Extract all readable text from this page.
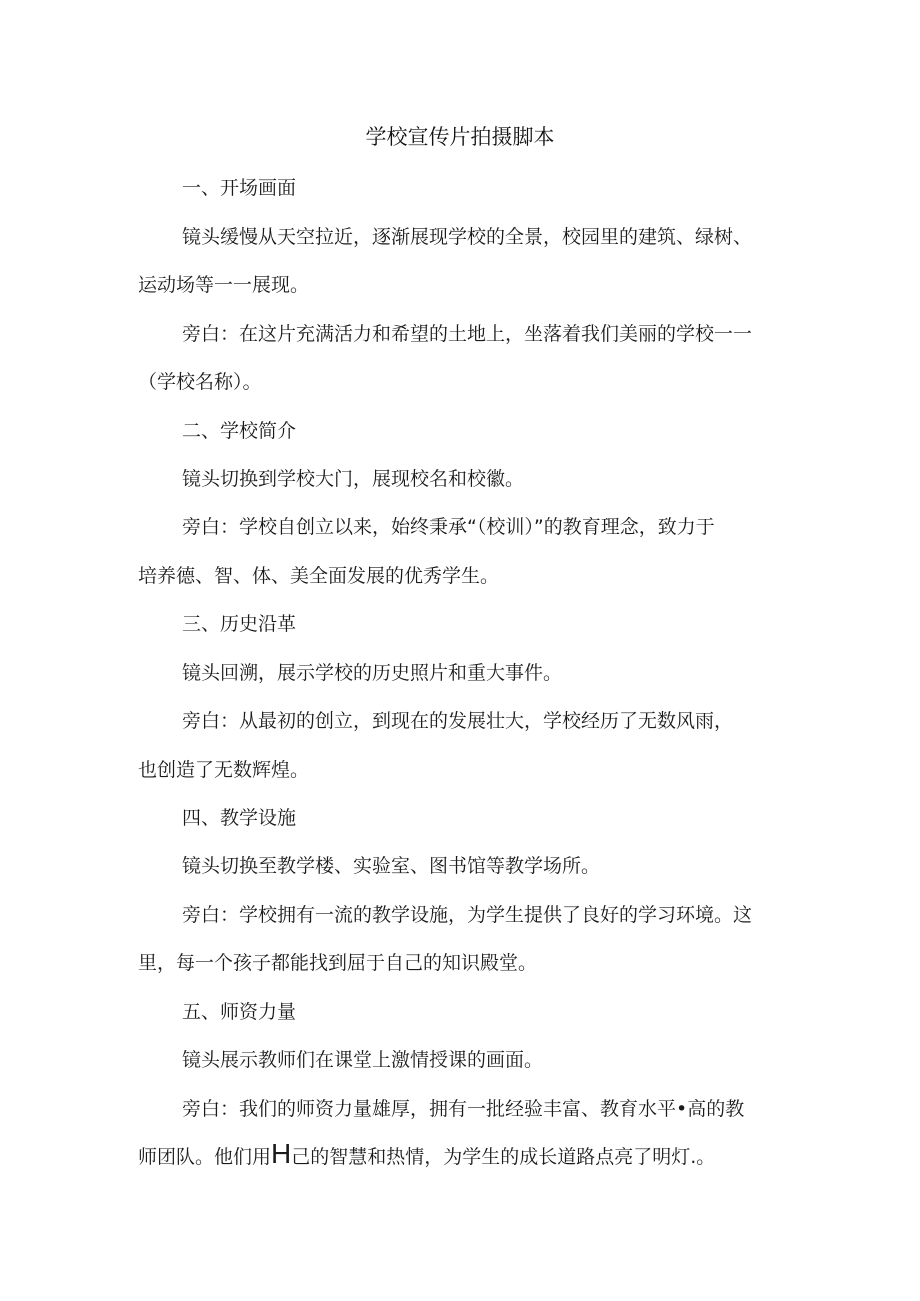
学校宣传片拍摄脚本
一、开场画面
镜头缓慢从天空拉近，逐渐展现学校的全景，校园里的建筑、绿树、
运动场等一一展现。
旁白：在这片充满活力和希望的土地上，坐落着我们美丽的学校一一
（学校名称）。
二、学校简介
镜头切换到学校大门，展现校名和校徽。
旁白：学校自创立以来，始终秉承“（校训）”的教育理念，致力于
培养德、智、体、美全面发展的优秀学生。
三、历史沿革
镜头回溯，展示学校的历史照片和重大事件。
旁白：从最初的创立，到现在的发展壮大，学校经历了无数风雨，
也创造了无数辉煌。
四、教学设施
镜头切换至教学楼、实验室、图书馆等教学场所。
旁白：学校拥有一流的教学设施，为学生提供了良好的学习环境。这
里，每一个孩子都能找到屈于自己的知识殿堂。
五、师资力量
镜头展示教师们在课堂上激情授课的画面。
旁白：我们的师资力量雄厚，拥有一批经验丰富、教育水平•高的教
师团队。他们用H己的智慧和热情，为学生的成长道路点亮了明灯.。
